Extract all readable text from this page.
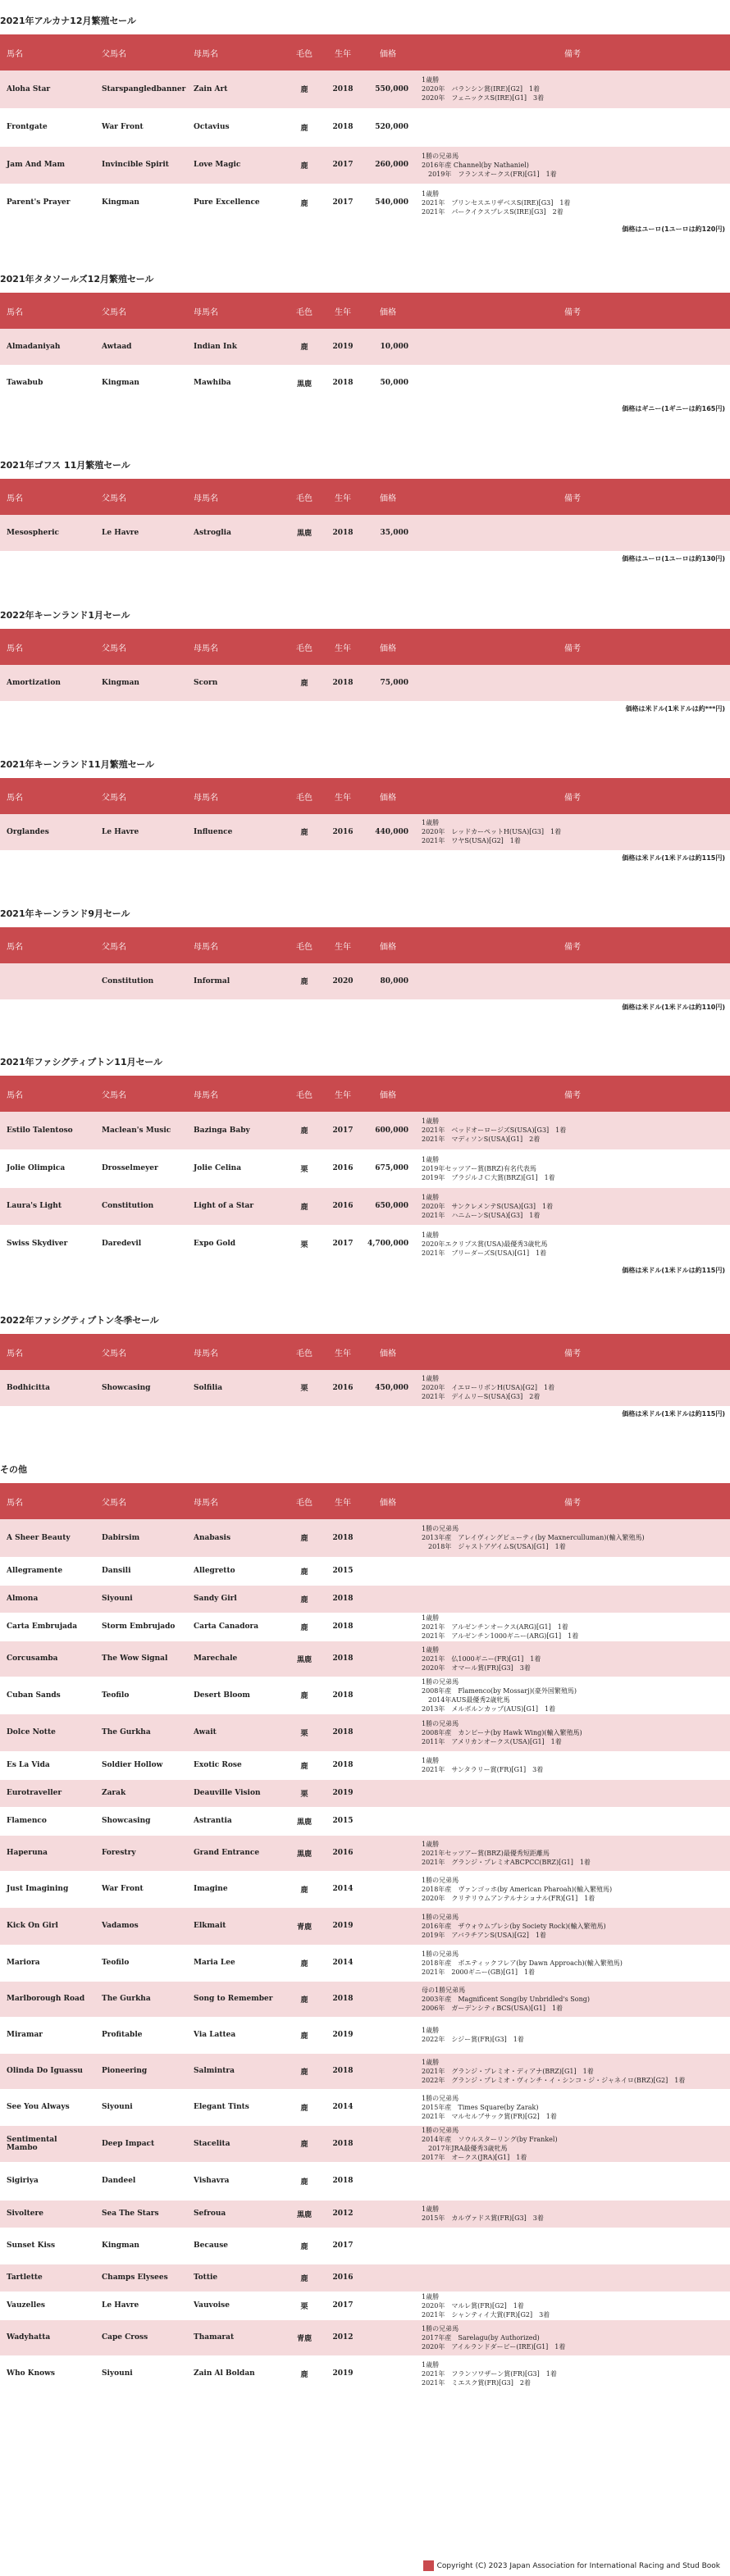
2021年アルカナ12月繁殖セール
馬名	父馬名	母馬名	毛色	生年	価格	備考
Aloha Star	Starspangledbanner	Zain Art	鹿	2018	550,000	1歳勝
2020年　バランシン賞(IRE)[G2]　1着
2020年　フェニックスS(IRE)[G1]　3着
Frontgate	War Front	Octavius	鹿	2018	520,000	
Jam And Mam	Invincible Spirit	Love Magic	鹿	2017	260,000	1勝の兄弟馬
2016年産 Channel(by Nathaniel)
　2019年　フランスオークス(FR)[G1]　1着
Parent's Prayer	Kingman	Pure Excellence	鹿	2017	540,000	1歳勝
2021年　プリンセスエリザベスS(IRE)[G3]　1着
2021年　パークイクスプレスS(IRE)[G3]　2着
価格はユーロ(1ユーロは約120円)
2021年タタソールズ12月繁殖セール
馬名	父馬名	母馬名	毛色	生年	価格	備考
Almadaniyah	Awtaad	Indian Ink	鹿	2019	10,000	
Tawabub	Kingman	Mawhiba	黒鹿	2018	50,000	
価格はギニー(1ギニーは約165円)
2021年ゴフス 11月繁殖セール
馬名	父馬名	母馬名	毛色	生年	価格	備考
Mesospheric	Le Havre	Astroglia	黒鹿	2018	35,000	
価格はユーロ(1ユーロは約130円)
2022年キーンランド1月セール
馬名	父馬名	母馬名	毛色	生年	価格	備考
Amortization	Kingman	Scorn	鹿	2018	75,000	
価格は米ドル(1米ドルは約***円)
2021年キーンランド11月繁殖セール
馬名	父馬名	母馬名	毛色	生年	価格	備考
Orglandes	Le Havre	Influence	鹿	2016	440,000	1歳勝
2020年　レッドカーペットH(USA)[G3]　1着
2021年　ワヤS(USA)[G2]　1着
価格は米ドル(1米ドルは約115円)
2021年キーンランド9月セール
馬名	父馬名	母馬名	毛色	生年	価格	備考
	Constitution	Informal	鹿	2020	80,000	
価格は米ドル(1米ドルは約110円)
2021年ファシグティプトン11月セール
馬名	父馬名	母馬名	毛色	生年	価格	備考
Estilo Talentoso	Maclean's Music	Bazinga Baby	鹿	2017	600,000	1歳勝
2021年　ベッドオーロージズS(USA)[G3]　1着
2021年　マディソンS(USA)[G1]　2着
Jolie Olimpica	Drosselmeyer	Jolie Celina	栗	2016	675,000	1歳勝
2019年セッツアー賞(BRZ)有名代表馬
2019年　ブラジルＪＣ大賞(BRZ)[G1]　1着
Laura's Light	Constitution	Light of a Star	鹿	2016	650,000	1歳勝
2020年　サンクレメンテS(USA)[G3]　1着
2021年　ハニムーンS(USA)[G3]　1着
Swiss Skydiver	Daredevil	Expo Gold	栗	2017	4,700,000	1歳勝
2020年エクリプス賞(USA)最優秀3歳牝馬
2021年　ブリーダーズS(USA)[G1]　1着
価格は米ドル(1米ドルは約115円)
2022年ファシグティプトン冬季セール
馬名	父馬名	母馬名	毛色	生年	価格	備考
Bodhicitta	Showcasing	Solfilia	栗	2016	450,000	1歳勝
2020年　イエローリボンH(USA)[G2]　1着
2021年　デイムリーS(USA)[G3]　2着
価格は米ドル(1米ドルは約115円)
その他
馬名	父馬名	母馬名	毛色	生年	価格	備考
A Sheer Beauty	Dabirsim	Anabasis	鹿	2018		1勝の兄弟馬
2013年産　アレイヴィングビューティ(by Maxnerculluman)(輸入繁殖馬)
　2018年　ジャストアゲイムS(USA)[G1]　1着
Allegramente	Dansili	Allegretto	鹿	2015		
Almona	Siyouni	Sandy Girl	鹿	2018		
Carta Embrujada	Storm Embrujado	Carta Canadora	鹿	2018		1歳勝
2021年　アルゼンチンオークス(ARG)[G1]　1着
2021年　アルゼンチン1000ギニー(ARG)[G1]　1着
Corcusamba	The Wow Signal	Marechale	黒鹿	2018		1歳勝
2021年　仏1000ギニー(FR)[G1]　1着
2020年　オマール賞(FR)[G3]　3着
Cuban Sands	Teofilo	Desert Bloom	鹿	2018		1勝の兄弟馬
2008年産　Flamenco(by Mossarj)(豪外国繁殖馬)
　2014年AUS最優秀2歳牝馬
2013年　メルボルンカップ(AUS)[G1]　1着
Dolce Notte	The Gurkha	Await	栗	2018		1勝の兄弟馬
2008年産　カンピーナ(by Hawk Wing)(輸入繁殖馬)
2011年　アメリカンオークス(USA)[G1]　1着
Es La Vida	Soldier Hollow	Exotic Rose	鹿	2018		1歳勝
2021年　サンタラリー賞(FR)[G1]　3着
Eurotraveller	Zarak	Deauville Vision	栗	2019		
Flamenco	Showcasing	Astrantia	黒鹿	2015		
Haperuna	Forestry	Grand Entrance	黒鹿	2016		1歳勝
2021年セッツアー賞(BRZ)最優秀短距離馬
2021年　グランジ・プレミオABCPCC(BRZ)[G1]　1着
Just Imagining	War Front	Imagine	鹿	2014		1勝の兄弟馬
2018年産　ヴァンゴッホ(by American Pharoah)(輸入繁殖馬)
2020年　クリテリウムアンテルナショナル(FR)[G1]　1着
Kick On Girl	Vadamos	Elkmait	青鹿	2019		1勝の兄弟馬
2016年産　ザウォウムプレシ(by Society Rock)(輸入繁殖馬)
2019年　アバラチアンS(USA)[G2]　1着
Mariora	Teofilo	Maria Lee	鹿	2014		1勝の兄弟馬
2018年産　ボエティックフレア(by Dawn Approach)(輸入繁殖馬)
2021年　2000ギニー(GB)[G1]　1着
Marlborough Road	The Gurkha	Song to Remember	鹿	2018		母の1勝兄弟馬
2003年産　Magnificent Song(by Unbridled's Song)
2006年　ガーデンシティBCS(USA)[G1]　1着
Miramar	Profitable	Via Lattea	鹿	2019		1歳勝
2022年　シジー賞(FR)[G3]　1着
Olinda Do Iguassu	Pioneering	Salmintra	鹿	2018		1歳勝
2021年　グランジ・プレミオ・ディアナ(BRZ)[G1]　1着
2022年　グランジ・プレミオ・ヴィンチ・イ・シンコ・ジ・ジャネイロ(BRZ)[G2]　1着
See You Always	Siyouni	Elegant Tints	鹿	2014		1勝の兄弟馬
2015年産　Times Square(by Zarak)
2021年　マルセルブサック賞(FR)[G2]　1着
Sentimental Mambo	Deep Impact	Stacelita	鹿	2018		1勝の兄弟馬
2014年産　ソウルスターリング(by Frankel)
　2017年JRA最優秀3歳牝馬
2017年　オークス(JRA)[G1]　1着
Sigiriya	Dandeel	Vishavra	鹿	2018		
Sivoltere	Sea The Stars	Sefroua	黒鹿	2012		1歳勝
2015年　カルヴァドス賞(FR)[G3]　3着
Sunset Kiss	Kingman	Because	鹿	2017		
Tartlette	Champs Elysees	Tottie	鹿	2016		
Vauzelles	Le Havre	Vauvoise	栗	2017		1歳勝
2020年　マルレ賞(FR)[G2]　1着
2021年　シャンティイ大賞(FR)[G2]　3着
Wadyhatta	Cape Cross	Thamarat	青鹿	2012		1勝の兄弟馬
2017年産　Sarelagu(by Authorized)
2020年　アイルランドダービー(IRE)[G1]　1着
Who Knows	Siyouni	Zain Al Boldan	鹿	2019		1歳勝
2021年　フランソワザーン賞(FR)[G3]　1着
2021年　ミエスク賞(FR)[G3]　2着
Copyright (C) 2023 Japan Association for International Racing and Stud Book
